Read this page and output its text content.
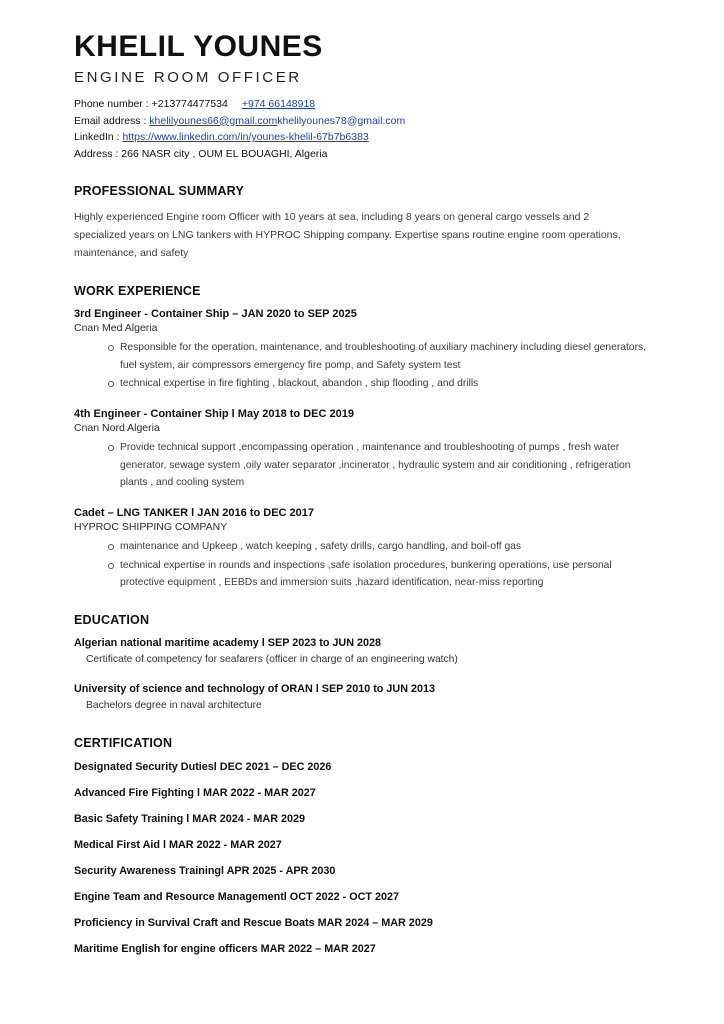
KHELIL YOUNES
ENGINE ROOM OFFICER
Phone number : +213774477534 +974 66148918
Email address : khelilyounes66@gmail.comkhelilyounes78@gmail.com
LinkedIn : https://www.linkedin.com/in/younes-khelil-67b7b6383
Address : 266 NASR city , OUM EL BOUAGHI, Algeria
PROFESSIONAL SUMMARY

Highly experienced Engine room Officer with 10 years at sea, including 8 years on general cargo vessels and 2 specialized years on LNG tankers with HYPROC Shipping company. Expertise spans routine engine room operations, maintenance, and safety

WORK EXPERIENCE
3rd Engineer - Container Ship – JAN 2020 to SEP 2025
Cnan Med Algeria
Responsible for the operation, maintenance, and troubleshooting of auxiliary machinery including diesel generators, fuel system, air compressors emergency fire pomp, and Safety system test
technical expertise in fire fighting , blackout, abandon , ship flooding , and drills
4th Engineer - Container Ship l May 2018 to DEC 2019
Cnan Nord Algeria
Provide technical support ,encompassing operation , maintenance and troubleshooting of pumps , fresh water generator, sewage system ,oily water separator ,incinerator , hydraulic system and air conditioning , refrigeration plants , and cooling system
Cadet – LNG TANKER l JAN 2016 to DEC 2017
HYPROC SHIPPING COMPANY
maintenance and Upkeep , watch keeping , safety drills, cargo handling, and boil-off gas
technical expertise in rounds and inspections ,safe isolation procedures, bunkering operations, use personal protective equipment , EEBDs and immersion suits ,hazard identification, near-miss reporting
EDUCATION
Algerian national maritime academy l SEP 2023 to JUN 2028
Certificate of competency for seafarers (officer in charge of an engineering watch)
University of science and technology of ORAN l SEP 2010 to JUN 2013
Bachelors degree in naval architecture
CERTIFICATION
Designated Security Dutiesl DEC 2021 – DEC 2026
Advanced Fire Fighting l MAR 2022 - MAR 2027
Basic Safety Training l MAR 2024 - MAR 2029
Medical First Aid l MAR 2022 - MAR 2027
Security Awareness Trainingl APR 2025 - APR 2030
Engine Team and Resource Managementl OCT 2022 - OCT 2027
Proficiency in Survival Craft and Rescue Boats MAR 2024 – MAR 2029
Maritime English for engine officers MAR 2022 – MAR 2027
